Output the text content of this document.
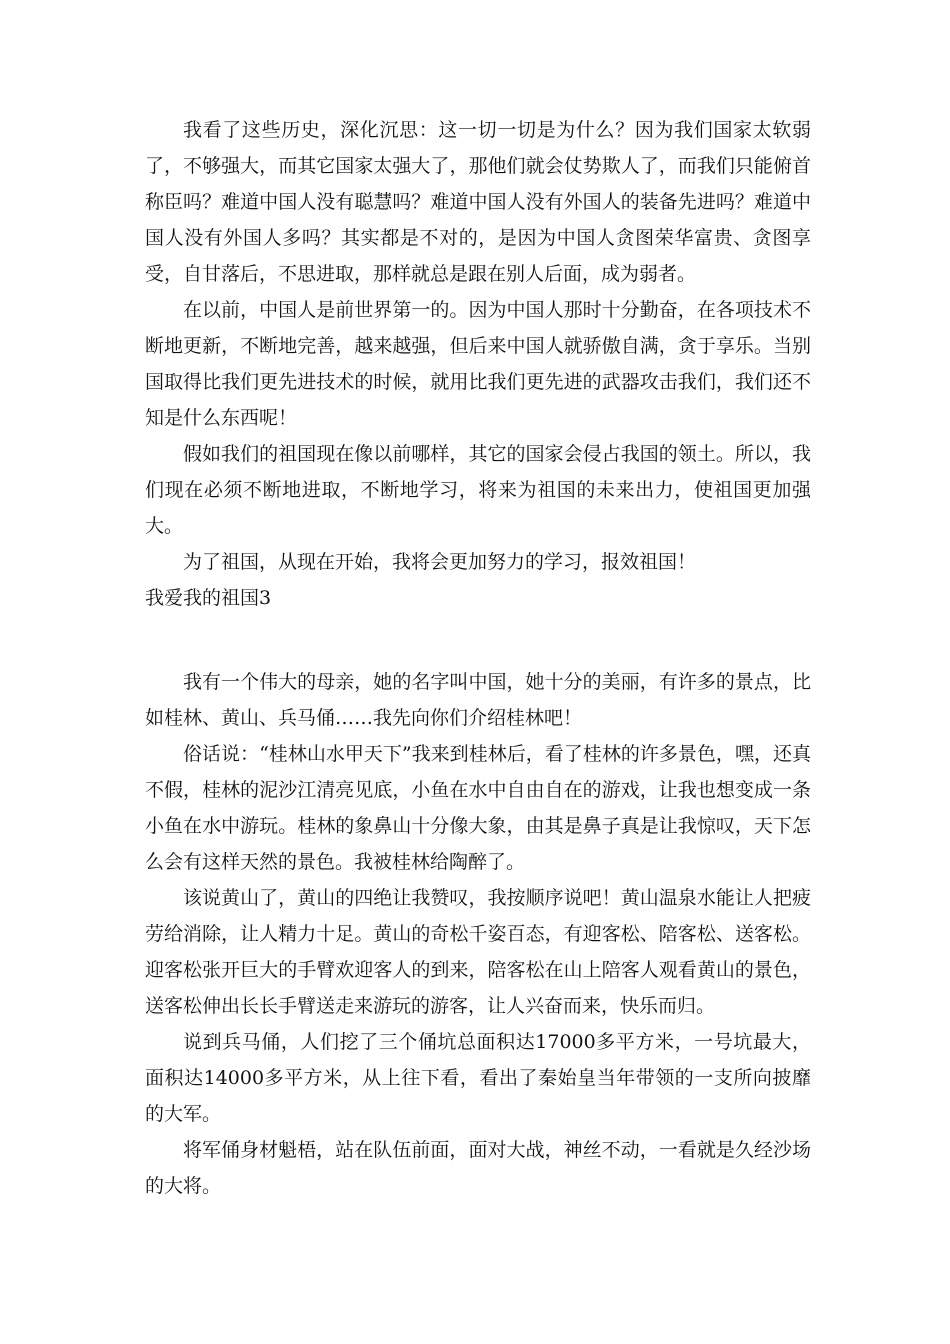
我看了这些历史，深化沉思：这一切一切是为什么？因为我们国家太软弱了，不够强大，而其它国家太强大了，那他们就会仗势欺人了，而我们只能俯首称臣吗？难道中国人没有聪慧吗？难道中国人没有外国人的装备先进吗？难道中国人没有外国人多吗？其实都是不对的，是因为中国人贪图荣华富贵、贪图享受，自甘落后，不思进取，那样就总是跟在别人后面，成为弱者。

在以前，中国人是前世界第一的。因为中国人那时十分勤奋，在各项技术不断地更新，不断地完善，越来越强，但后来中国人就骄傲自满，贪于享乐。当别国取得比我们更先进技术的时候，就用比我们更先进的武器攻击我们，我们还不知是什么东西呢！

假如我们的祖国现在像以前哪样，其它的国家会侵占我国的领土。所以，我们现在必须不断地进取，不断地学习，将来为祖国的未来出力，使祖国更加强大。

为了祖国，从现在开始，我将会更加努力的学习，报效祖国！

我爱我的祖国3

我有一个伟大的母亲，她的名字叫中国，她十分的美丽，有许多的景点，比如桂林、黄山、兵马俑……我先向你们介绍桂林吧！

俗话说：“桂林山水甲天下”我来到桂林后，看了桂林的许多景色，嘿，还真不假，桂林的泥沙江清亮见底，小鱼在水中自由自在的游戏，让我也想变成一条小鱼在水中游玩。桂林的象鼻山十分像大象，由其是鼻子真是让我惊叹，天下怎么会有这样天然的景色。我被桂林给陶醉了。

该说黄山了，黄山的四绝让我赞叹，我按顺序说吧！黄山温泉水能让人把疲劳给消除，让人精力十足。黄山的奇松千姿百态，有迎客松、陪客松、送客松。迎客松张开巨大的手臂欢迎客人的到来，陪客松在山上陪客人观看黄山的景色，送客松伸出长长手臂送走来游玩的游客，让人兴奋而来，快乐而归。

说到兵马俑，人们挖了三个俑坑总面积达17000多平方米，一号坑最大，面积达14000多平方米，从上往下看，看出了秦始皇当年带领的一支所向披靡的大军。

将军俑身材魁梧，站在队伍前面，面对大战，神丝不动，一看就是久经沙场的大将。
